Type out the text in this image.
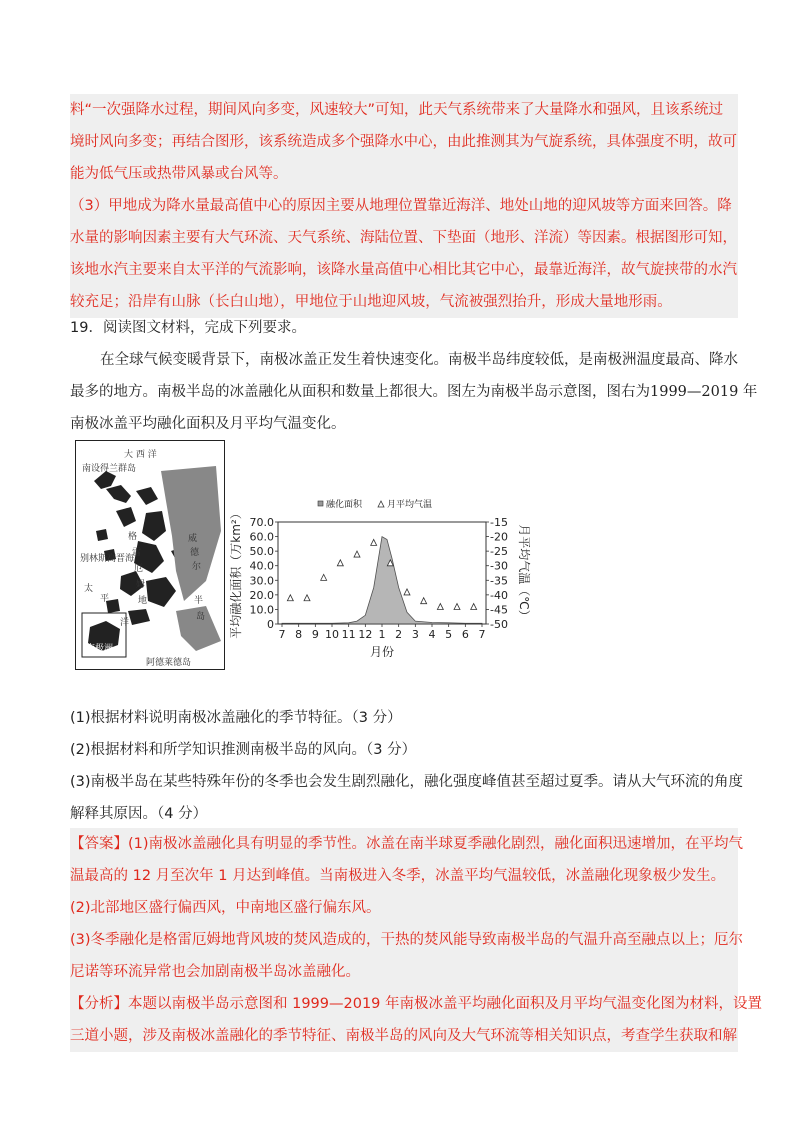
料“一次强降水过程，期间风向多变，风速较大”可知，此天气系统带来了大量降水和强风，且该系统过
境时风向多变；再结合图形，该系统造成多个强降水中心，由此推测其为气旋系统，具体强度不明，故可
能为低气压或热带风暴或台风等。
（3）甲地成为降水量最高值中心的原因主要从地理位置靠近海洋、地处山地的迎风坡等方面来回答。降
水量的影响因素主要有大气环流、天气系统、海陆位置、下垫面（地形、洋流）等因素。根据图形可知，
该地水汽主要来自太平洋的气流影响，该降水量高值中心相比其它中心，最靠近海洋，故气旋挟带的水汽
较充足；沿岸有山脉（长白山地），甲地位于山地迎风坡，气流被强烈抬升，形成大量地形雨。
19．阅读图文材料，完成下列要求。
在全球气候变暖背景下，南极冰盖正发生着快速变化。南极半岛纬度较低，是南极洲温度最高、降水
最多的地方。南极半岛的冰盖融化从面积和数量上都很大。图左为南极半岛示意图，图右为1999—2019 年
南极冰盖平均融化面积及月平均气温变化。
大 西 洋
南设得兰群岛
格
雷
厄
姆
地
威
德
尔
别林斯高晋海
太
平
洋
半
岛
南极洲
阿德莱德岛
融化面积	月平均气温
70.0
60.0
50.0
40.0
30.0
20.0
10.0
0
-15
-20
-25
-30
-35
-40
-45
-50
7 8 9 10 11 12 1 2 3 4 5 6 7
平均融化面积（万km²）	月平均气温（℃）
月份
(1)根据材料说明南极冰盖融化的季节特征。（3 分）
(2)根据材料和所学知识推测南极半岛的风向。（3 分）
(3)南极半岛在某些特殊年份的冬季也会发生剧烈融化，融化强度峰值甚至超过夏季。请从大气环流的角度
解释其原因。（4 分）
【答案】(1)南极冰盖融化具有明显的季节性。冰盖在南半球夏季融化剧烈，融化面积迅速增加，在平均气
温最高的 12 月至次年 1 月达到峰值。当南极进入冬季，冰盖平均气温较低，冰盖融化现象极少发生。
(2)北部地区盛行偏西风，中南地区盛行偏东风。
(3)冬季融化是格雷厄姆地背风坡的焚风造成的，干热的焚风能导致南极半岛的气温升高至融点以上；厄尔
尼诺等环流异常也会加剧南极半岛冰盖融化。
【分析】本题以南极半岛示意图和 1999—2019 年南极冰盖平均融化面积及月平均气温变化图为材料，设置
三道小题，涉及南极冰盖融化的季节特征、南极半岛的风向及大气环流等相关知识点，考查学生获取和解
